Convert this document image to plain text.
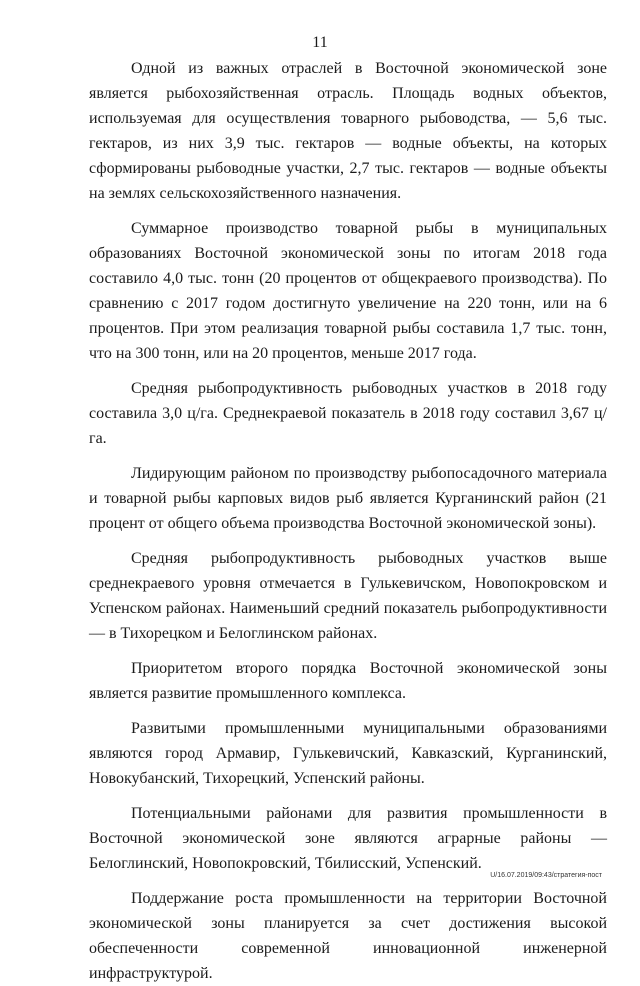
11

Одной из важных отраслей в Восточной экономической зоне является рыбохозяйственная отрасль. Площадь водных объектов, используемая для осуществления товарного рыбоводства, — 5,6 тыс. гектаров, из них 3,9 тыс. гектаров — водные объекты, на которых сформированы рыбоводные участки, 2,7 тыс. гектаров — водные объекты на землях сельскохозяйственного назначения.

Суммарное производство товарной рыбы в муниципальных образованиях Восточной экономической зоны по итогам 2018 года составило 4,0 тыс. тонн (20 процентов от общекраевого производства). По сравнению с 2017 годом достигнуто увеличение на 220 тонн, или на 6 процентов. При этом реализация товарной рыбы составила 1,7 тыс. тонн, что на 300 тонн, или на 20 процентов, меньше 2017 года.

Средняя рыбопродуктивность рыбоводных участков в 2018 году составила 3,0 ц/га. Среднекраевой показатель в 2018 году составил 3,67 ц/га.

Лидирующим районом по производству рыбопосадочного материала и товарной рыбы карповых видов рыб является Курганинский район (21 процент от общего объема производства Восточной экономической зоны).

Средняя рыбопродуктивность рыбоводных участков выше среднекраевого уровня отмечается в Гулькевичском, Новопокровском и Успенском районах. Наименьший средний показатель рыбопродуктивности — в Тихорецком и Белоглинском районах.

Приоритетом второго порядка Восточной экономической зоны является развитие промышленного комплекса.

Развитыми промышленными муниципальными образованиями являются город Армавир, Гулькевичский, Кавказский, Курганинский, Новокубанский, Тихорецкий, Успенский районы.

Потенциальными районами для развития промышленности в Восточной экономической зоне являются аграрные районы — Белоглинский, Новопокровский, Тбилисский, Успенский.

Поддержание роста промышленности на территории Восточной экономической зоны планируется за счет достижения высокой обеспеченности современной инновационной инженерной инфраструктурой.

U/16.07.2019/09:43/стратегия-пост
